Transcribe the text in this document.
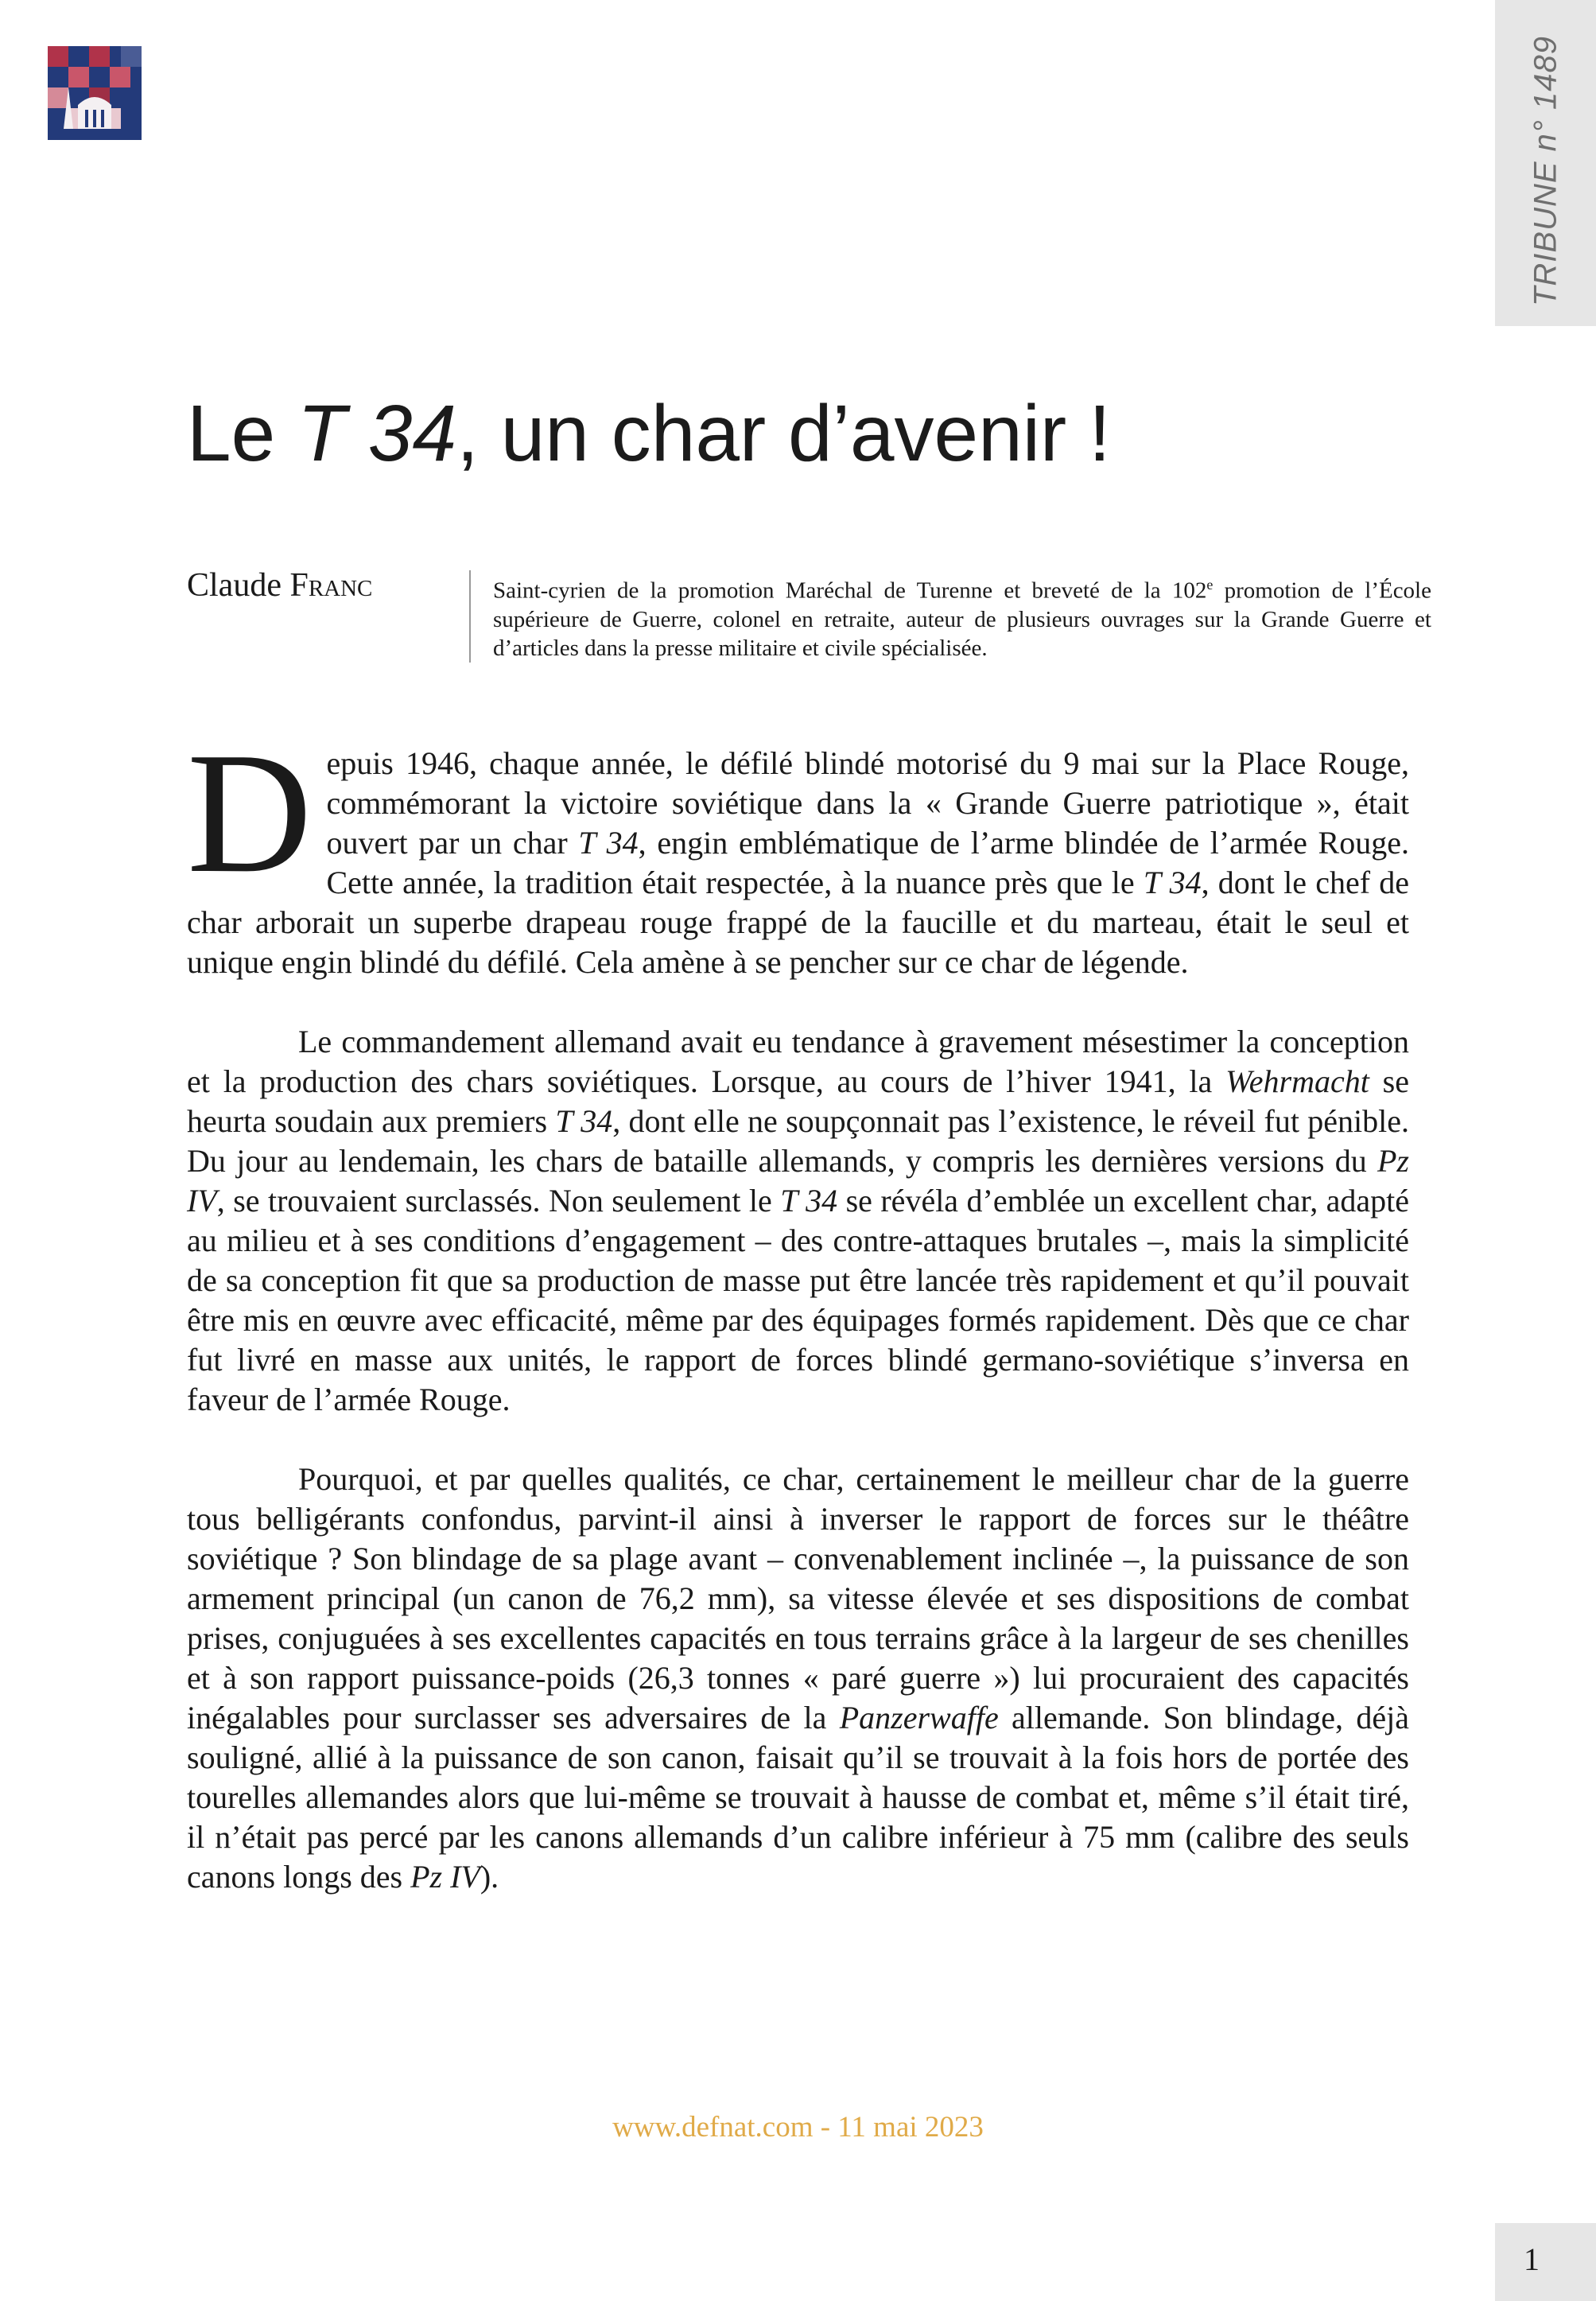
TRIBUNE n° 1489
Le T 34, un char d’avenir !
Claude Franc	Saint-cyrien de la promotion Maréchal de Turenne et breveté de la 102e promotion de l’École supérieure de Guerre, colonel en retraite, auteur de plusieurs ouvrages sur la Grande Guerre et d’articles dans la presse militaire et civile spécialisée.

Depuis 1946, chaque année, le défilé blindé motorisé du 9 mai sur la Place Rouge, commémorant la victoire soviétique dans la « Grande Guerre patriotique », était ouvert par un char T 34, engin emblématique de l’arme blindée de l’armée Rouge. Cette année, la tradition était respectée, à la nuance près que le T 34, dont le chef de char arborait un superbe drapeau rouge frappé de la faucille et du marteau, était le seul et unique engin blindé du défilé. Cela amène à se pencher sur ce char de légende.

Le commandement allemand avait eu tendance à gravement mésestimer la conception et la production des chars soviétiques. Lorsque, au cours de l’hiver 1941, la Wehrmacht se heurta soudain aux premiers T 34, dont elle ne soupçonnait pas l’existence, le réveil fut pénible. Du jour au lendemain, les chars de bataille allemands, y compris les dernières versions du Pz IV, se trouvaient surclassés. Non seulement le T 34 se révéla d’emblée un excellent char, adapté au milieu et à ses conditions d’engagement – des contre-attaques brutales –, mais la simplicité de sa conception fit que sa production de masse put être lancée très rapidement et qu’il pouvait être mis en œuvre avec efficacité, même par des équipages formés rapidement. Dès que ce char fut livré en masse aux unités, le rapport de forces blindé germano-soviétique s’inversa en faveur de l’armée Rouge.

Pourquoi, et par quelles qualités, ce char, certainement le meilleur char de la guerre tous belligérants confondus, parvint-il ainsi à inverser le rapport de forces sur le théâtre soviétique ? Son blindage de sa plage avant – convenablement inclinée –, la puissance de son armement principal (un canon de 76,2 mm), sa vitesse élevée et ses dispositions de combat prises, conjuguées à ses excellentes capacités en tous terrains grâce à la largeur de ses chenilles et à son rapport puissance-poids (26,3 tonnes « paré guerre ») lui procuraient des capacités inégalables pour surclasser ses adversaires de la Panzerwaffe allemande. Son blindage, déjà souligné, allié à la puissance de son canon, faisait qu’il se trouvait à la fois hors de portée des tourelles allemandes alors que lui-même se trouvait à hausse de combat et, même s’il était tiré, il n’était pas percé par les canons allemands d’un calibre inférieur à 75 mm (calibre des seuls canons longs des Pz IV).

www.defnat.com - 11 mai 2023
1
